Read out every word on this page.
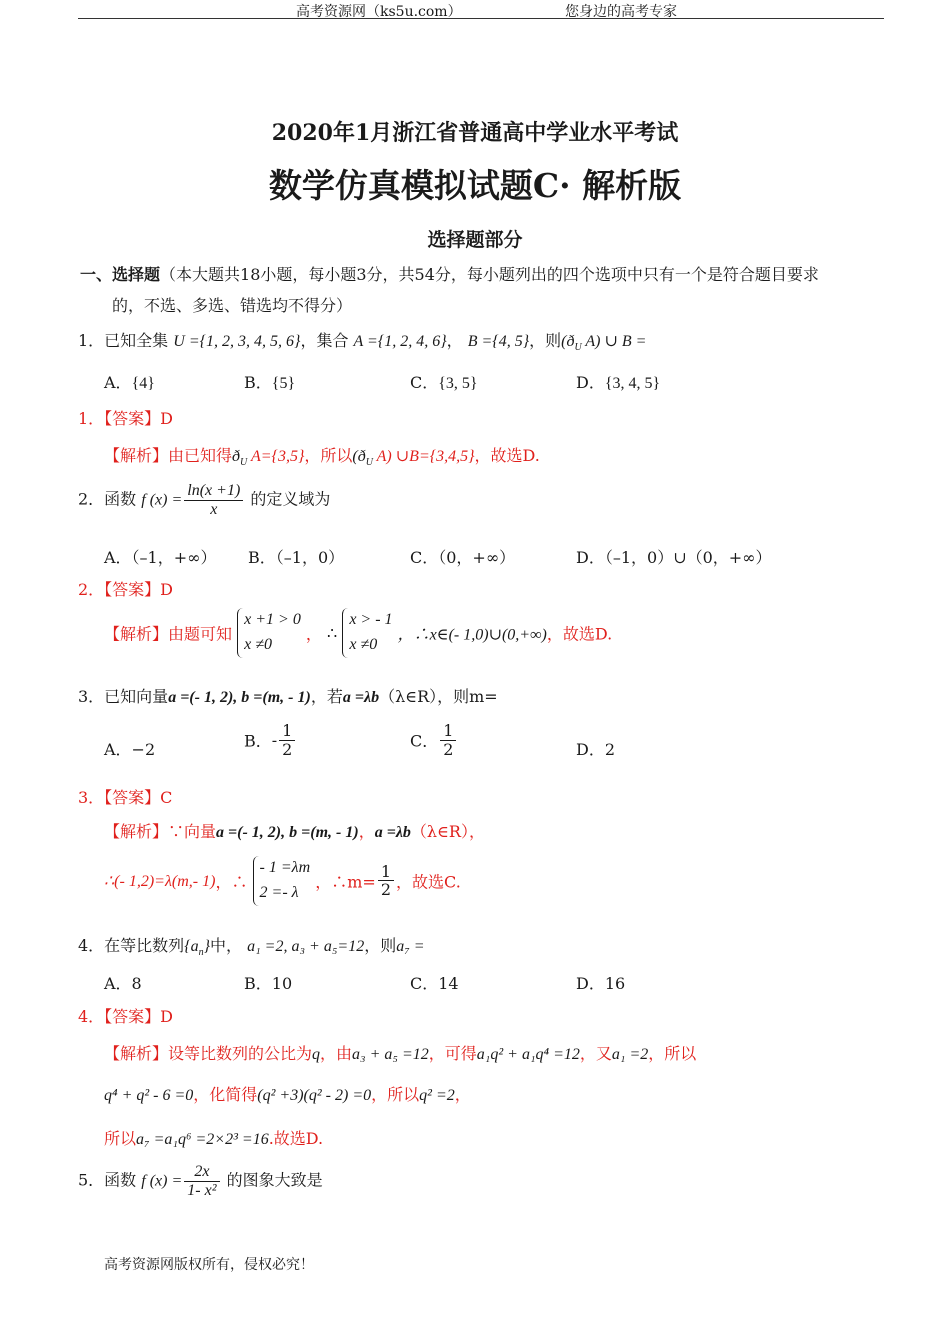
高考资源网（ks5u.com）	您身边的高考专家
2020年1月浙江省普通高中学业水平考试
数学仿真模拟试题C· 解析版
选择题部分
一、选择题（本大题共18小题，每小题3分，共54分，每小题列出的四个选项中只有一个是符合题目要求
的，不选、多选、错选均不得分）
1．已知全集 U ={1, 2, 3, 4, 5, 6}，集合 A ={1, 2, 4, 6}， B ={4, 5}，则($ð_U$ A) ∪ B =
A．{4}	B．{5}	C．{3, 5}	D．{3, 4, 5}
1．【答案】D
【解析】由已知得$ð_U$ A={3,5}，所以($ð_U$ A) ∪B={3,4,5}，故选D.
2．函数 f $(x) = \frac{\ln(x +1)}{x}$ 的定义域为
A．（–1，+∞） B．（–1，0）	C．（0，+∞）	D．（–1，0）∪（0，+∞）
2．【答案】D
【解析】由题可知
x +1 > 0
x ≠0
， ∴
x > - 1
x ≠0
，∴x∈(- 1,0)∪(0,+∞)，故选D.
3．已知向量a =(- 1, 2), b =(m, - 1)，若a =λb（λ∈R），则m=
A．−2	B．- $\frac{1}{2}$	C． $\frac{1}{2}$	D．2
3．【答案】C
【解析】∵向量a =(- 1, 2), b =(m, - 1)，a =λb（λ∈R），
∴(- 1,2)=λ(m,- 1)，∴
- 1 =λm
2 =- λ
，∴m= $\frac{1}{2}$ ，故选C.
4．在等比数列$\{a_n\}$中， a₁ =2, a₃ + a₅=12，则a₇ =
A．8	B．10	C．14	D．16
4．【答案】D
【解析】设等比数列的公比为q，由a₃ + a₅ =12，可得a₁q² + a₁q⁴ =12，又a₁ =2，所以
q⁴ + q² - 6 =0，化简得(q² +3)(q² - 2) =0，所以q² =2，
所以a₇ =a₁q⁶ =2×2³ =16.故选D.
5．函数 f $(x) = \frac{2x}{\text{1- x²}}$ 的图象大致是
高考资源网版权所有，侵权必究！
